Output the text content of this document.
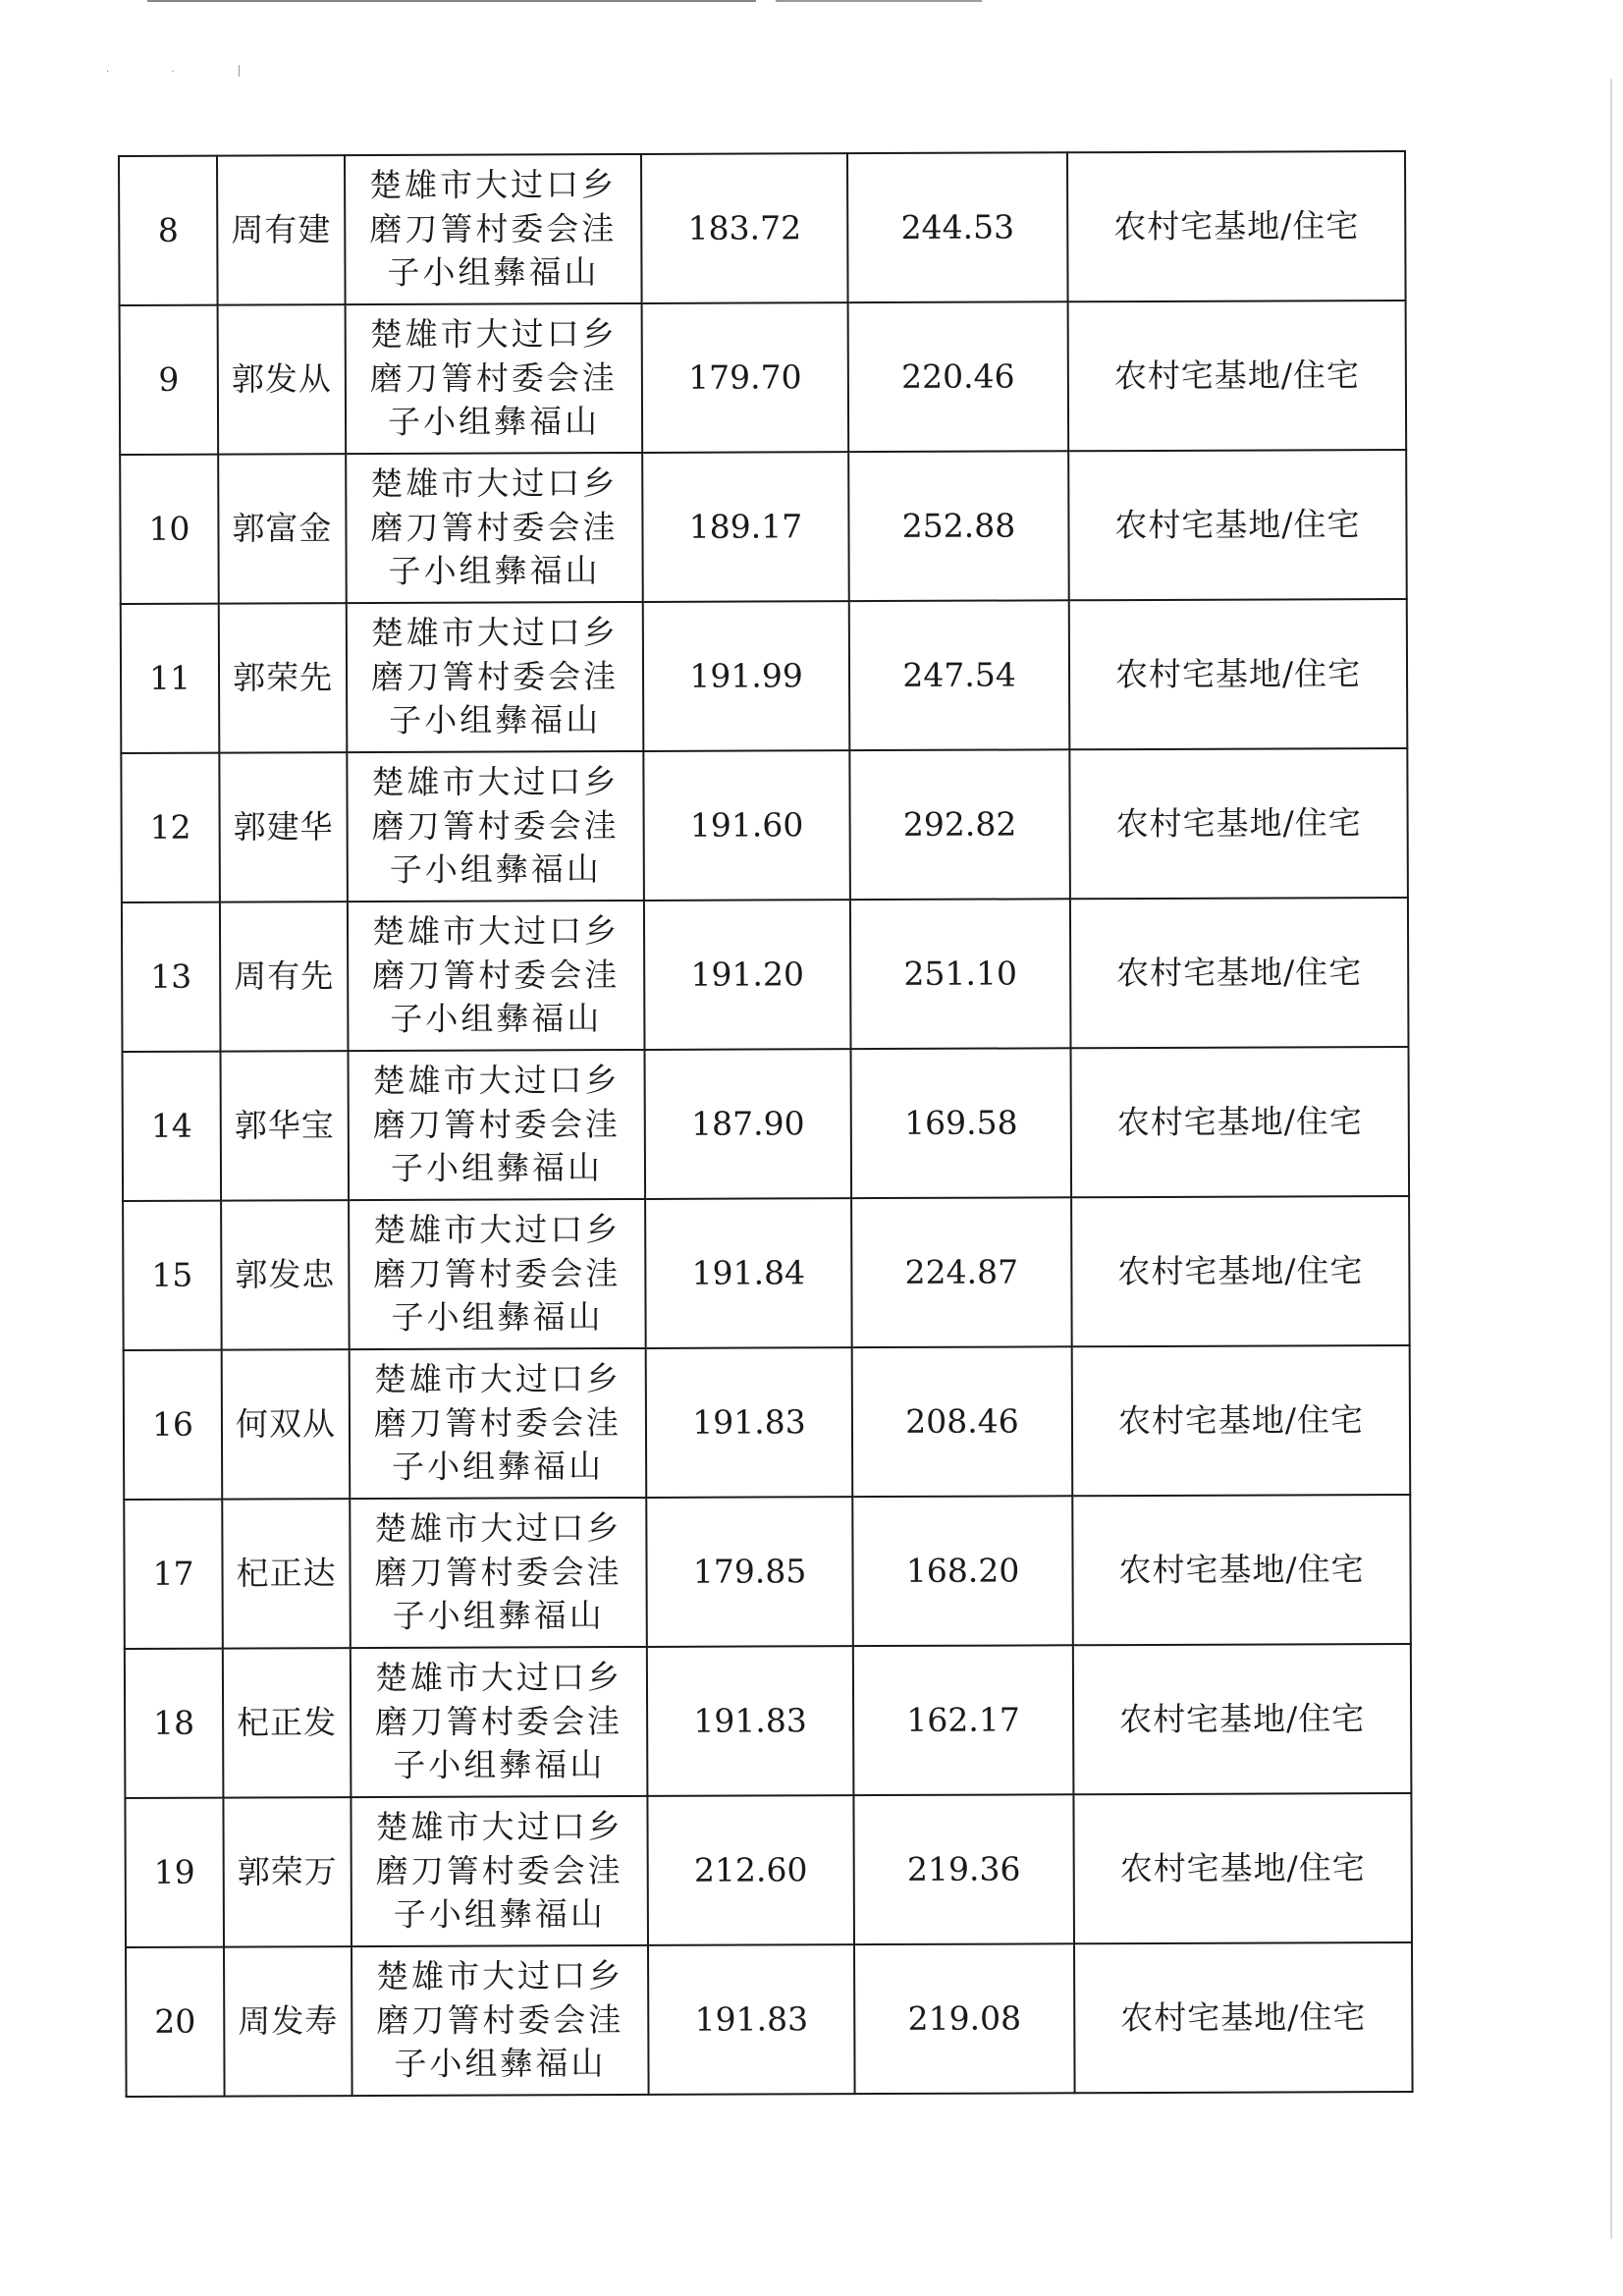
· · ׀
8	周有建	楚雄市大过口乡
磨刀箐村委会洼
子小组彝福山	183.72	244.53	农村宅基地/住宅
9	郭发从	楚雄市大过口乡
磨刀箐村委会洼
子小组彝福山	179.70	220.46	农村宅基地/住宅
10	郭富金	楚雄市大过口乡
磨刀箐村委会洼
子小组彝福山	189.17	252.88	农村宅基地/住宅
11	郭荣先	楚雄市大过口乡
磨刀箐村委会洼
子小组彝福山	191.99	247.54	农村宅基地/住宅
12	郭建华	楚雄市大过口乡
磨刀箐村委会洼
子小组彝福山	191.60	292.82	农村宅基地/住宅
13	周有先	楚雄市大过口乡
磨刀箐村委会洼
子小组彝福山	191.20	251.10	农村宅基地/住宅
14	郭华宝	楚雄市大过口乡
磨刀箐村委会洼
子小组彝福山	187.90	169.58	农村宅基地/住宅
15	郭发忠	楚雄市大过口乡
磨刀箐村委会洼
子小组彝福山	191.84	224.87	农村宅基地/住宅
16	何双从	楚雄市大过口乡
磨刀箐村委会洼
子小组彝福山	191.83	208.46	农村宅基地/住宅
17	杞正达	楚雄市大过口乡
磨刀箐村委会洼
子小组彝福山	179.85	168.20	农村宅基地/住宅
18	杞正发	楚雄市大过口乡
磨刀箐村委会洼
子小组彝福山	191.83	162.17	农村宅基地/住宅
19	郭荣万	楚雄市大过口乡
磨刀箐村委会洼
子小组彝福山	212.60	219.36	农村宅基地/住宅
20	周发寿	楚雄市大过口乡
磨刀箐村委会洼
子小组彝福山	191.83	219.08	农村宅基地/住宅
